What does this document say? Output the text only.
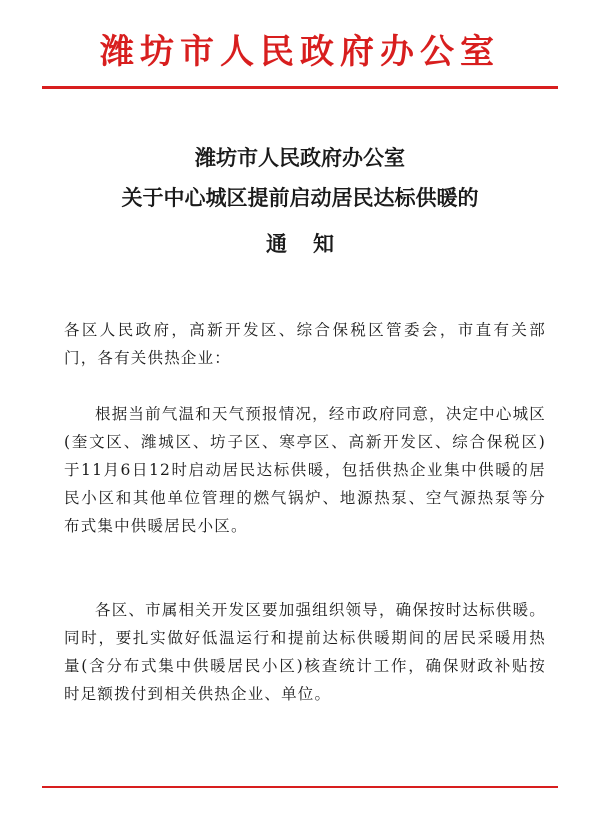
潍坊市人民政府办公室
潍坊市人民政府办公室
关于中心城区提前启动居民达标供暖的
通知
各区人民政府，高新开发区、综合保税区管委会，市直有关部门，各有关供热企业：
根据当前气温和天气预报情况，经市政府同意，决定中心城区(奎文区、潍城区、坊子区、寒亭区、高新开发区、综合保税区)于11月6日12时启动居民达标供暖，包括供热企业集中供暖的居民小区和其他单位管理的燃气锅炉、地源热泵、空气源热泵等分布式集中供暖居民小区。
各区、市属相关开发区要加强组织领导，确保按时达标供暖。同时，要扎实做好低温运行和提前达标供暖期间的居民采暖用热量(含分布式集中供暖居民小区)核查统计工作，确保财政补贴按时足额拨付到相关供热企业、单位。
